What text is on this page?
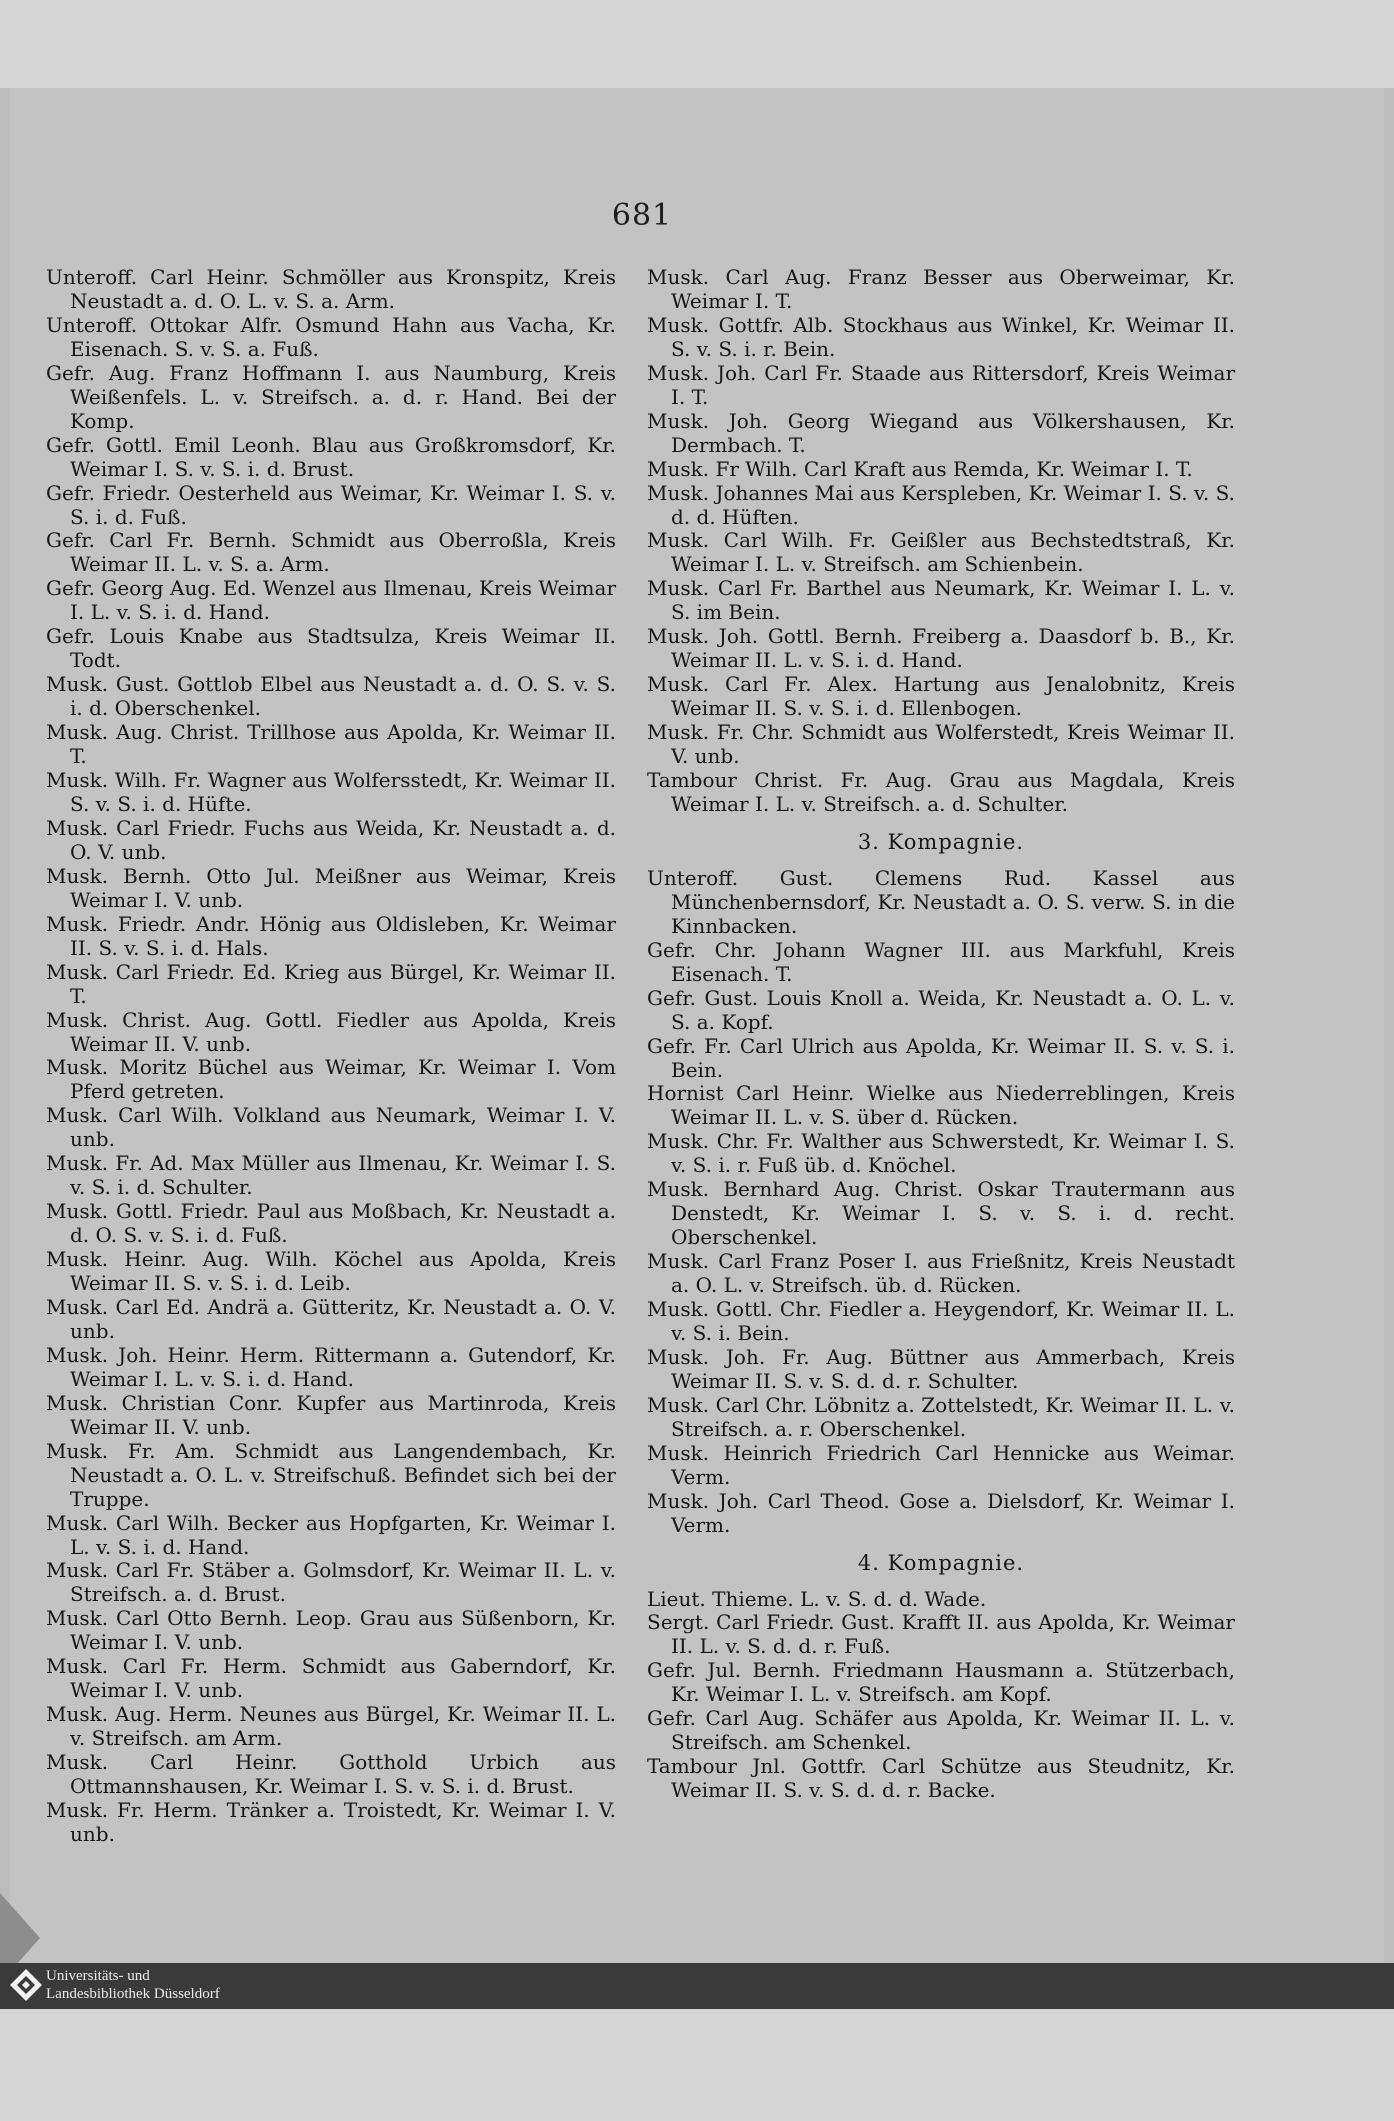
681
Unteroff. Carl Heinr. Schmöller aus Kronspitz, Kreis Neustadt a. d. O. L. v. S. a. Arm.
Unteroff. Ottokar Alfr. Osmund Hahn aus Vacha, Kr. Eisenach. S. v. S. a. Fuß.
Gefr. Aug. Franz Hoffmann I. aus Naumburg, Kreis Weißenfels. L. v. Streifsch. a. d. r. Hand. Bei der Komp.
Gefr. Gottl. Emil Leonh. Blau aus Großkromsdorf, Kr. Weimar I. S. v. S. i. d. Brust.
Gefr. Friedr. Oesterheld aus Weimar, Kr. Weimar I. S. v. S. i. d. Fuß.
Gefr. Carl Fr. Bernh. Schmidt aus Oberroßla, Kreis Weimar II. L. v. S. a. Arm.
Gefr. Georg Aug. Ed. Wenzel aus Ilmenau, Kreis Weimar I. L. v. S. i. d. Hand.
Gefr. Louis Knabe aus Stadtsulza, Kreis Weimar II. Todt.
Musk. Gust. Gottlob Elbel aus Neustadt a. d. O. S. v. S. i. d. Oberschenkel.
Musk. Aug. Christ. Trillhose aus Apolda, Kr. Weimar II. T.
Musk. Wilh. Fr. Wagner aus Wolfersstedt, Kr. Weimar II. S. v. S. i. d. Hüfte.
Musk. Carl Friedr. Fuchs aus Weida, Kr. Neustadt a. d. O. V. unb.
Musk. Bernh. Otto Jul. Meißner aus Weimar, Kreis Weimar I. V. unb.
Musk. Friedr. Andr. Hönig aus Oldisleben, Kr. Weimar II. S. v. S. i. d. Hals.
Musk. Carl Friedr. Ed. Krieg aus Bürgel, Kr. Weimar II. T.
Musk. Christ. Aug. Gottl. Fiedler aus Apolda, Kreis Weimar II. V. unb.
Musk. Moritz Büchel aus Weimar, Kr. Weimar I. Vom Pferd getreten.
Musk. Carl Wilh. Volkland aus Neumark, Weimar I. V. unb.
Musk. Fr. Ad. Max Müller aus Ilmenau, Kr. Weimar I. S. v. S. i. d. Schulter.
Musk. Gottl. Friedr. Paul aus Moßbach, Kr. Neustadt a. d. O. S. v. S. i. d. Fuß.
Musk. Heinr. Aug. Wilh. Köchel aus Apolda, Kreis Weimar II. S. v. S. i. d. Leib.
Musk. Carl Ed. Andrä a. Gütteritz, Kr. Neustadt a. O. V. unb.
Musk. Joh. Heinr. Herm. Rittermann a. Gutendorf, Kr. Weimar I. L. v. S. i. d. Hand.
Musk. Christian Conr. Kupfer aus Martinroda, Kreis Weimar II. V. unb.
Musk. Fr. Am. Schmidt aus Langendembach, Kr. Neustadt a. O. L. v. Streifschuß. Befindet sich bei der Truppe.
Musk. Carl Wilh. Becker aus Hopfgarten, Kr. Weimar I. L. v. S. i. d. Hand.
Musk. Carl Fr. Stäber a. Golmsdorf, Kr. Weimar II. L. v. Streifsch. a. d. Brust.
Musk. Carl Otto Bernh. Leop. Grau aus Süßenborn, Kr. Weimar I. V. unb.
Musk. Carl Fr. Herm. Schmidt aus Gaberndorf, Kr. Weimar I. V. unb.
Musk. Aug. Herm. Neunes aus Bürgel, Kr. Weimar II. L. v. Streifsch. am Arm.
Musk. Carl Heinr. Gotthold Urbich aus Ottmannshausen, Kr. Weimar I. S. v. S. i. d. Brust.
Musk. Fr. Herm. Tränker a. Troistedt, Kr. Weimar I. V. unb.
Musk. Carl Aug. Franz Besser aus Oberweimar, Kr. Weimar I. T.
Musk. Gottfr. Alb. Stockhaus aus Winkel, Kr. Weimar II. S. v. S. i. r. Bein.
Musk. Joh. Carl Fr. Staade aus Rittersdorf, Kreis Weimar I. T.
Musk. Joh. Georg Wiegand aus Völkershausen, Kr. Dermbach. T.
Musk. Fr Wilh. Carl Kraft aus Remda, Kr. Weimar I. T.
Musk. Johannes Mai aus Kerspleben, Kr. Weimar I. S. v. S. d. d. Hüften.
Musk. Carl Wilh. Fr. Geißler aus Bechstedtstraß, Kr. Weimar I. L. v. Streifsch. am Schienbein.
Musk. Carl Fr. Barthel aus Neumark, Kr. Weimar I. L. v. S. im Bein.
Musk. Joh. Gottl. Bernh. Freiberg a. Daasdorf b. B., Kr. Weimar II. L. v. S. i. d. Hand.
Musk. Carl Fr. Alex. Hartung aus Jenalobnitz, Kreis Weimar II. S. v. S. i. d. Ellenbogen.
Musk. Fr. Chr. Schmidt aus Wolferstedt, Kreis Weimar II. V. unb.
Tambour Christ. Fr. Aug. Grau aus Magdala, Kreis Weimar I. L. v. Streifsch. a. d. Schulter.
3. Kompagnie.
Unteroff. Gust. Clemens Rud. Kassel aus Münchenbernsdorf, Kr. Neustadt a. O. S. verw. S. in die Kinnbacken.
Gefr. Chr. Johann Wagner III. aus Markfuhl, Kreis Eisenach. T.
Gefr. Gust. Louis Knoll a. Weida, Kr. Neustadt a. O. L. v. S. a. Kopf.
Gefr. Fr. Carl Ulrich aus Apolda, Kr. Weimar II. S. v. S. i. Bein.
Hornist Carl Heinr. Wielke aus Niederreblingen, Kreis Weimar II. L. v. S. über d. Rücken.
Musk. Chr. Fr. Walther aus Schwerstedt, Kr. Weimar I. S. v. S. i. r. Fuß üb. d. Knöchel.
Musk. Bernhard Aug. Christ. Oskar Trautermann aus Denstedt, Kr. Weimar I. S. v. S. i. d. recht. Oberschenkel.
Musk. Carl Franz Poser I. aus Frießnitz, Kreis Neustadt a. O. L. v. Streifsch. üb. d. Rücken.
Musk. Gottl. Chr. Fiedler a. Heygendorf, Kr. Weimar II. L. v. S. i. Bein.
Musk. Joh. Fr. Aug. Büttner aus Ammerbach, Kreis Weimar II. S. v. S. d. d. r. Schulter.
Musk. Carl Chr. Löbnitz a. Zottelstedt, Kr. Weimar II. L. v. Streifsch. a. r. Oberschenkel.
Musk. Heinrich Friedrich Carl Hennicke aus Weimar. Verm.
Musk. Joh. Carl Theod. Gose a. Dielsdorf, Kr. Weimar I. Verm.
4. Kompagnie.
Lieut. Thieme. L. v. S. d. d. Wade.
Sergt. Carl Friedr. Gust. Krafft II. aus Apolda, Kr. Weimar II. L. v. S. d. d. r. Fuß.
Gefr. Jul. Bernh. Friedmann Hausmann a. Stützerbach, Kr. Weimar I. L. v. Streifsch. am Kopf.
Gefr. Carl Aug. Schäfer aus Apolda, Kr. Weimar II. L. v. Streifsch. am Schenkel.
Tambour Jnl. Gottfr. Carl Schütze aus Steudnitz, Kr. Weimar II. S. v. S. d. d. r. Backe.
Universitäts- und
Landesbibliothek Düsseldorf
